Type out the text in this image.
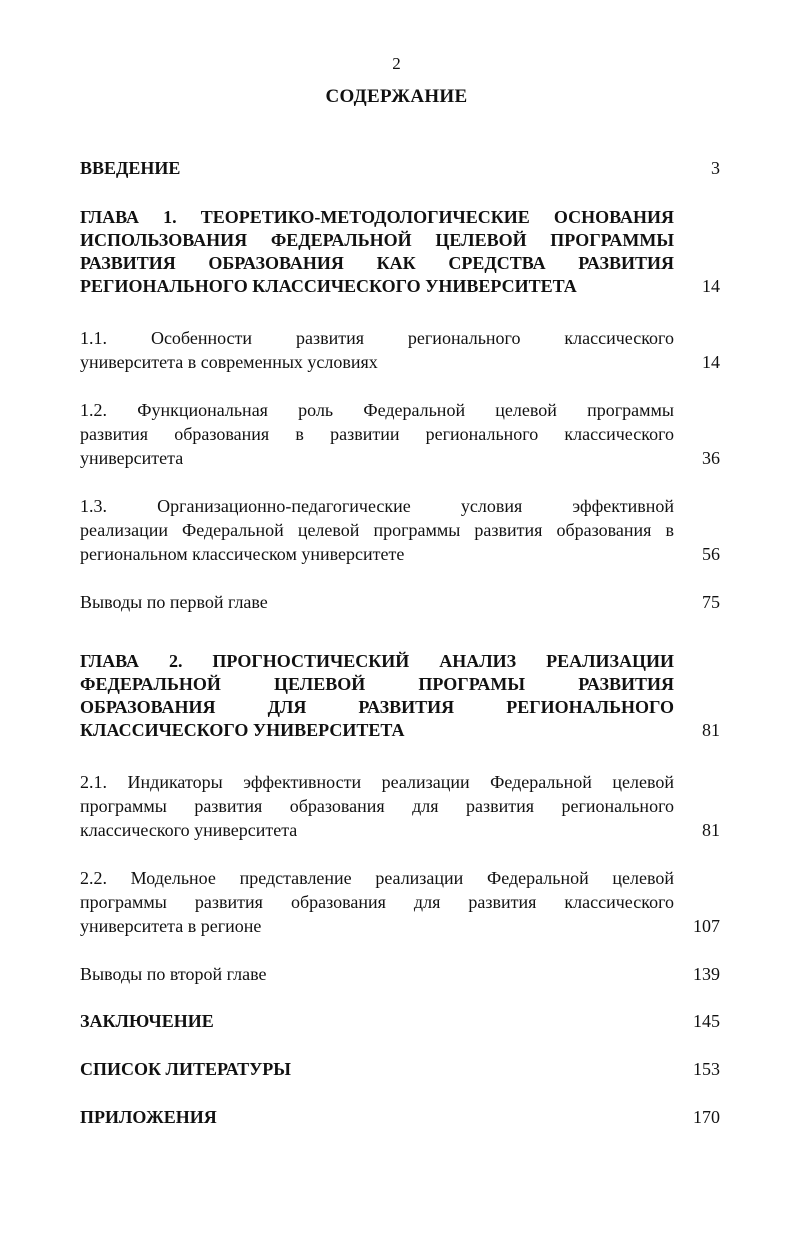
2
СОДЕРЖАНИЕ
ВВЕДЕНИЕ	3
ГЛАВА 1. ТЕОРЕТИКО-МЕТОДОЛОГИЧЕСКИЕ ОСНОВАНИЯ
ИСПОЛЬЗОВАНИЯ ФЕДЕРАЛЬНОЙ ЦЕЛЕВОЙ ПРОГРАММЫ
РАЗВИТИЯ ОБРАЗОВАНИЯ КАК СРЕДСТВА РАЗВИТИЯ
РЕГИОНАЛЬНОГО КЛАССИЧЕСКОГО УНИВЕРСИТЕТА	14
1.1. Особенности развития регионального классического
университета в современных условиях	14
1.2. Функциональная роль Федеральной целевой программы
развития образования в развитии регионального классического
университета	36
1.3. Организационно-педагогические условия эффективной
реализации Федеральной целевой программы развития образования в
региональном классическом университете	56
Выводы по первой главе	75
ГЛАВА 2. ПРОГНОСТИЧЕСКИЙ АНАЛИЗ РЕАЛИЗАЦИИ
ФЕДЕРАЛЬНОЙ ЦЕЛЕВОЙ ПРОГРАМЫ РАЗВИТИЯ
ОБРАЗОВАНИЯ ДЛЯ РАЗВИТИЯ РЕГИОНАЛЬНОГО
КЛАССИЧЕСКОГО УНИВЕРСИТЕТА	81
2.1. Индикаторы эффективности реализации Федеральной целевой
программы развития образования для развития регионального
классического университета	81
2.2. Модельное представление реализации Федеральной целевой
программы развития образования для развития классического
университета в регионе	107
Выводы по второй главе	139
ЗАКЛЮЧЕНИЕ	145
СПИСОК ЛИТЕРАТУРЫ	153
ПРИЛОЖЕНИЯ	170
